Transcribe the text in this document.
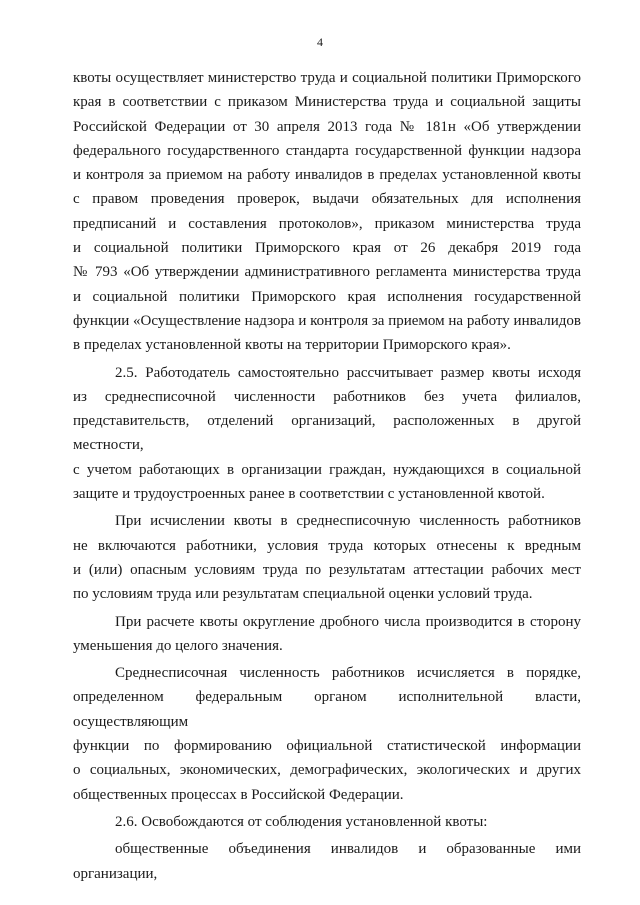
4
квоты осуществляет министерство труда и социальной политики Приморского
края в соответствии с приказом Министерства труда и социальной защиты
Российской Федерации от 30 апреля 2013 года № 181н «Об утверждении
федерального государственного стандарта государственной функции надзора
и контроля за приемом на работу инвалидов в пределах установленной квоты
с правом проведения проверок, выдачи обязательных для исполнения
предписаний и составления протоколов», приказом министерства труда
и социальной политики Приморского края от 26 декабря 2019 года
№ 793 «Об утверждении административного регламента министерства труда
и социальной политики Приморского края исполнения государственной
функции «Осуществление надзора и контроля за приемом на работу инвалидов
в пределах установленной квоты на территории Приморского края».
2.5. Работодатель самостоятельно рассчитывает размер квоты исходя
из среднесписочной численности работников без учета филиалов,
представительств, отделений организаций, расположенных в другой местности,
с учетом работающих в организации граждан, нуждающихся в социальной
защите и трудоустроенных ранее в соответствии с установленной квотой.
При исчислении квоты в среднесписочную численность работников
не включаются работники, условия труда которых отнесены к вредным
и (или) опасным условиям труда по результатам аттестации рабочих мест
по условиям труда или результатам специальной оценки условий труда.
При расчете квоты округление дробного числа производится в сторону
уменьшения до целого значения.
Среднесписочная численность работников исчисляется в порядке,
определенном федеральным органом исполнительной власти, осуществляющим
функции по формированию официальной статистической информации
о социальных, экономических, демографических, экологических и других
общественных процессах в Российской Федерации.
2.6. Освобождаются от соблюдения установленной квоты:
общественные объединения инвалидов и образованные ими организации,
